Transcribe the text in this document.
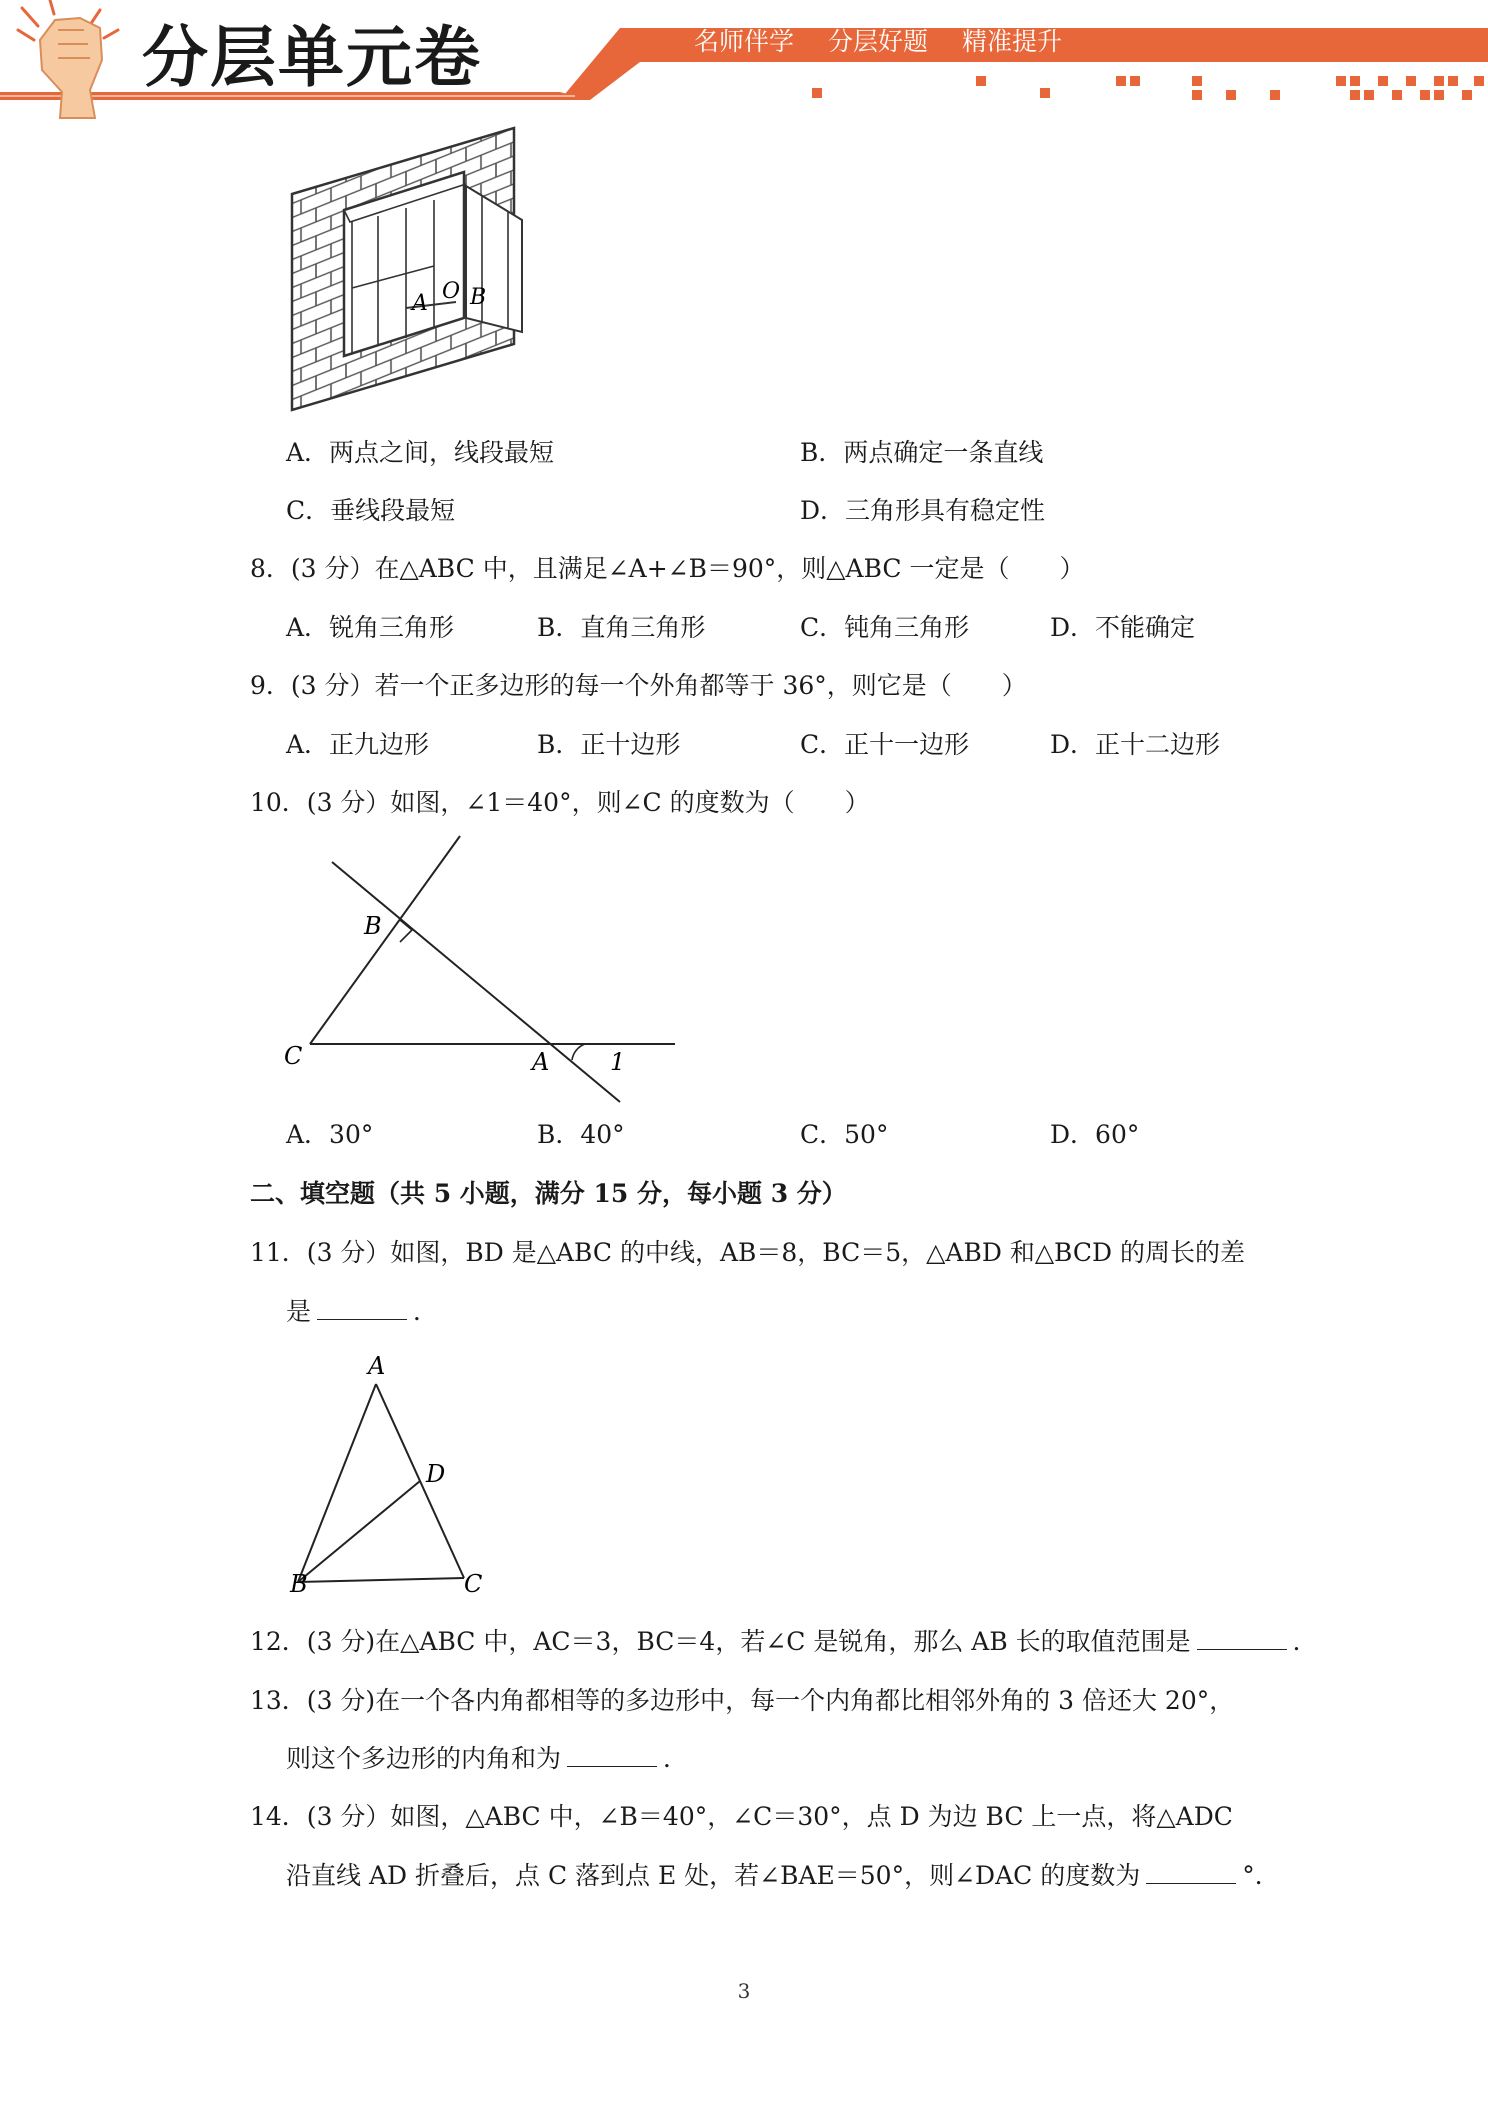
分层单元卷	名师伴学 分层好题 精准提升
A O B
A．两点之间，线段最短	B．两点确定一条直线
C．垂线段最短	D．三角形具有稳定性
8．(3 分）在△ABC 中，且满足∠A+∠B＝90°，则△ABC 一定是（　　）
A．锐角三角形	B．直角三角形	C．钝角三角形	D．不能确定
9．(3 分）若一个正多边形的每一个外角都等于 36°，则它是（　　）
A．正九边形	B．正十边形	C．正十一边形	D．正十二边形
10．(3 分）如图，∠1＝40°，则∠C 的度数为（　　）
B
C	A	1
A．30°	B．40°	C．50°	D．60°
二、填空题（共 5 小题，满分 15 分，每小题 3 分）
11．(3 分）如图，BD 是△ABC 的中线，AB＝8，BC＝5，△ABD 和△BCD 的周长的差
是	．
A
D
B	C
12．(3 分)在△ABC 中，AC＝3，BC＝4，若∠C 是锐角，那么 AB 长的取值范围是	．
13．(3 分)在一个各内角都相等的多边形中，每一个内角都比相邻外角的 3 倍还大 20°，
则这个多边形的内角和为	．
14．(3 分）如图，△ABC 中，∠B＝40°，∠C＝30°，点 D 为边 BC 上一点，将△ADC
沿直线 AD 折叠后，点 C 落到点 E 处，若∠BAE＝50°，则∠DAC 的度数为	°．
3
